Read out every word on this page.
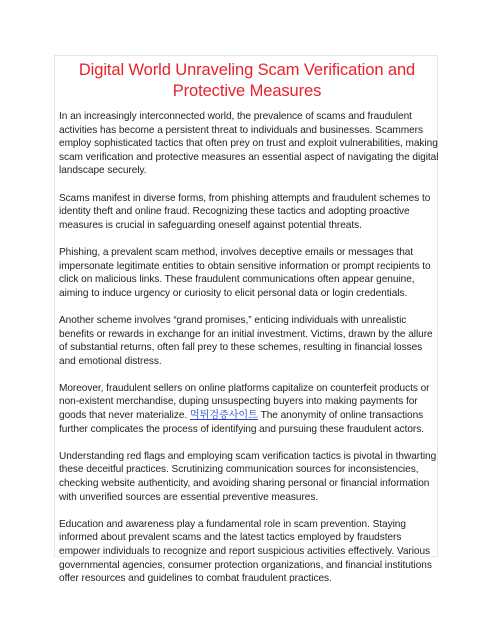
Digital World Unraveling Scam Verification and Protective Measures

In an increasingly interconnected world, the prevalence of scams and fraudulent activities has become a persistent threat to individuals and businesses. Scammers employ sophisticated tactics that often prey on trust and exploit vulnerabilities, making scam verification and protective measures an essential aspect of navigating the digital landscape securely.

Scams manifest in diverse forms, from phishing attempts and fraudulent schemes to identity theft and online fraud. Recognizing these tactics and adopting proactive measures is crucial in safeguarding oneself against potential threats.

Phishing, a prevalent scam method, involves deceptive emails or messages that impersonate legitimate entities to obtain sensitive information or prompt recipients to click on malicious links. These fraudulent communications often appear genuine, aiming to induce urgency or curiosity to elicit personal data or login credentials.

Another scheme involves “grand promises,” enticing individuals with unrealistic benefits or rewards in exchange for an initial investment. Victims, drawn by the allure of substantial returns, often fall prey to these schemes, resulting in financial losses and emotional distress.

Moreover, fraudulent sellers on online platforms capitalize on counterfeit products or non-existent merchandise, duping unsuspecting buyers into making payments for goods that never materialize. 먹튀검증사이트 The anonymity of online transactions further complicates the process of identifying and pursuing these fraudulent actors.

Understanding red flags and employing scam verification tactics is pivotal in thwarting these deceitful practices. Scrutinizing communication sources for inconsistencies, checking website authenticity, and avoiding sharing personal or financial information with unverified sources are essential preventive measures.

Education and awareness play a fundamental role in scam prevention. Staying informed about prevalent scams and the latest tactics employed by fraudsters empower individuals to recognize and report suspicious activities effectively. Various governmental agencies, consumer protection organizations, and financial institutions offer resources and guidelines to combat fraudulent practices.
